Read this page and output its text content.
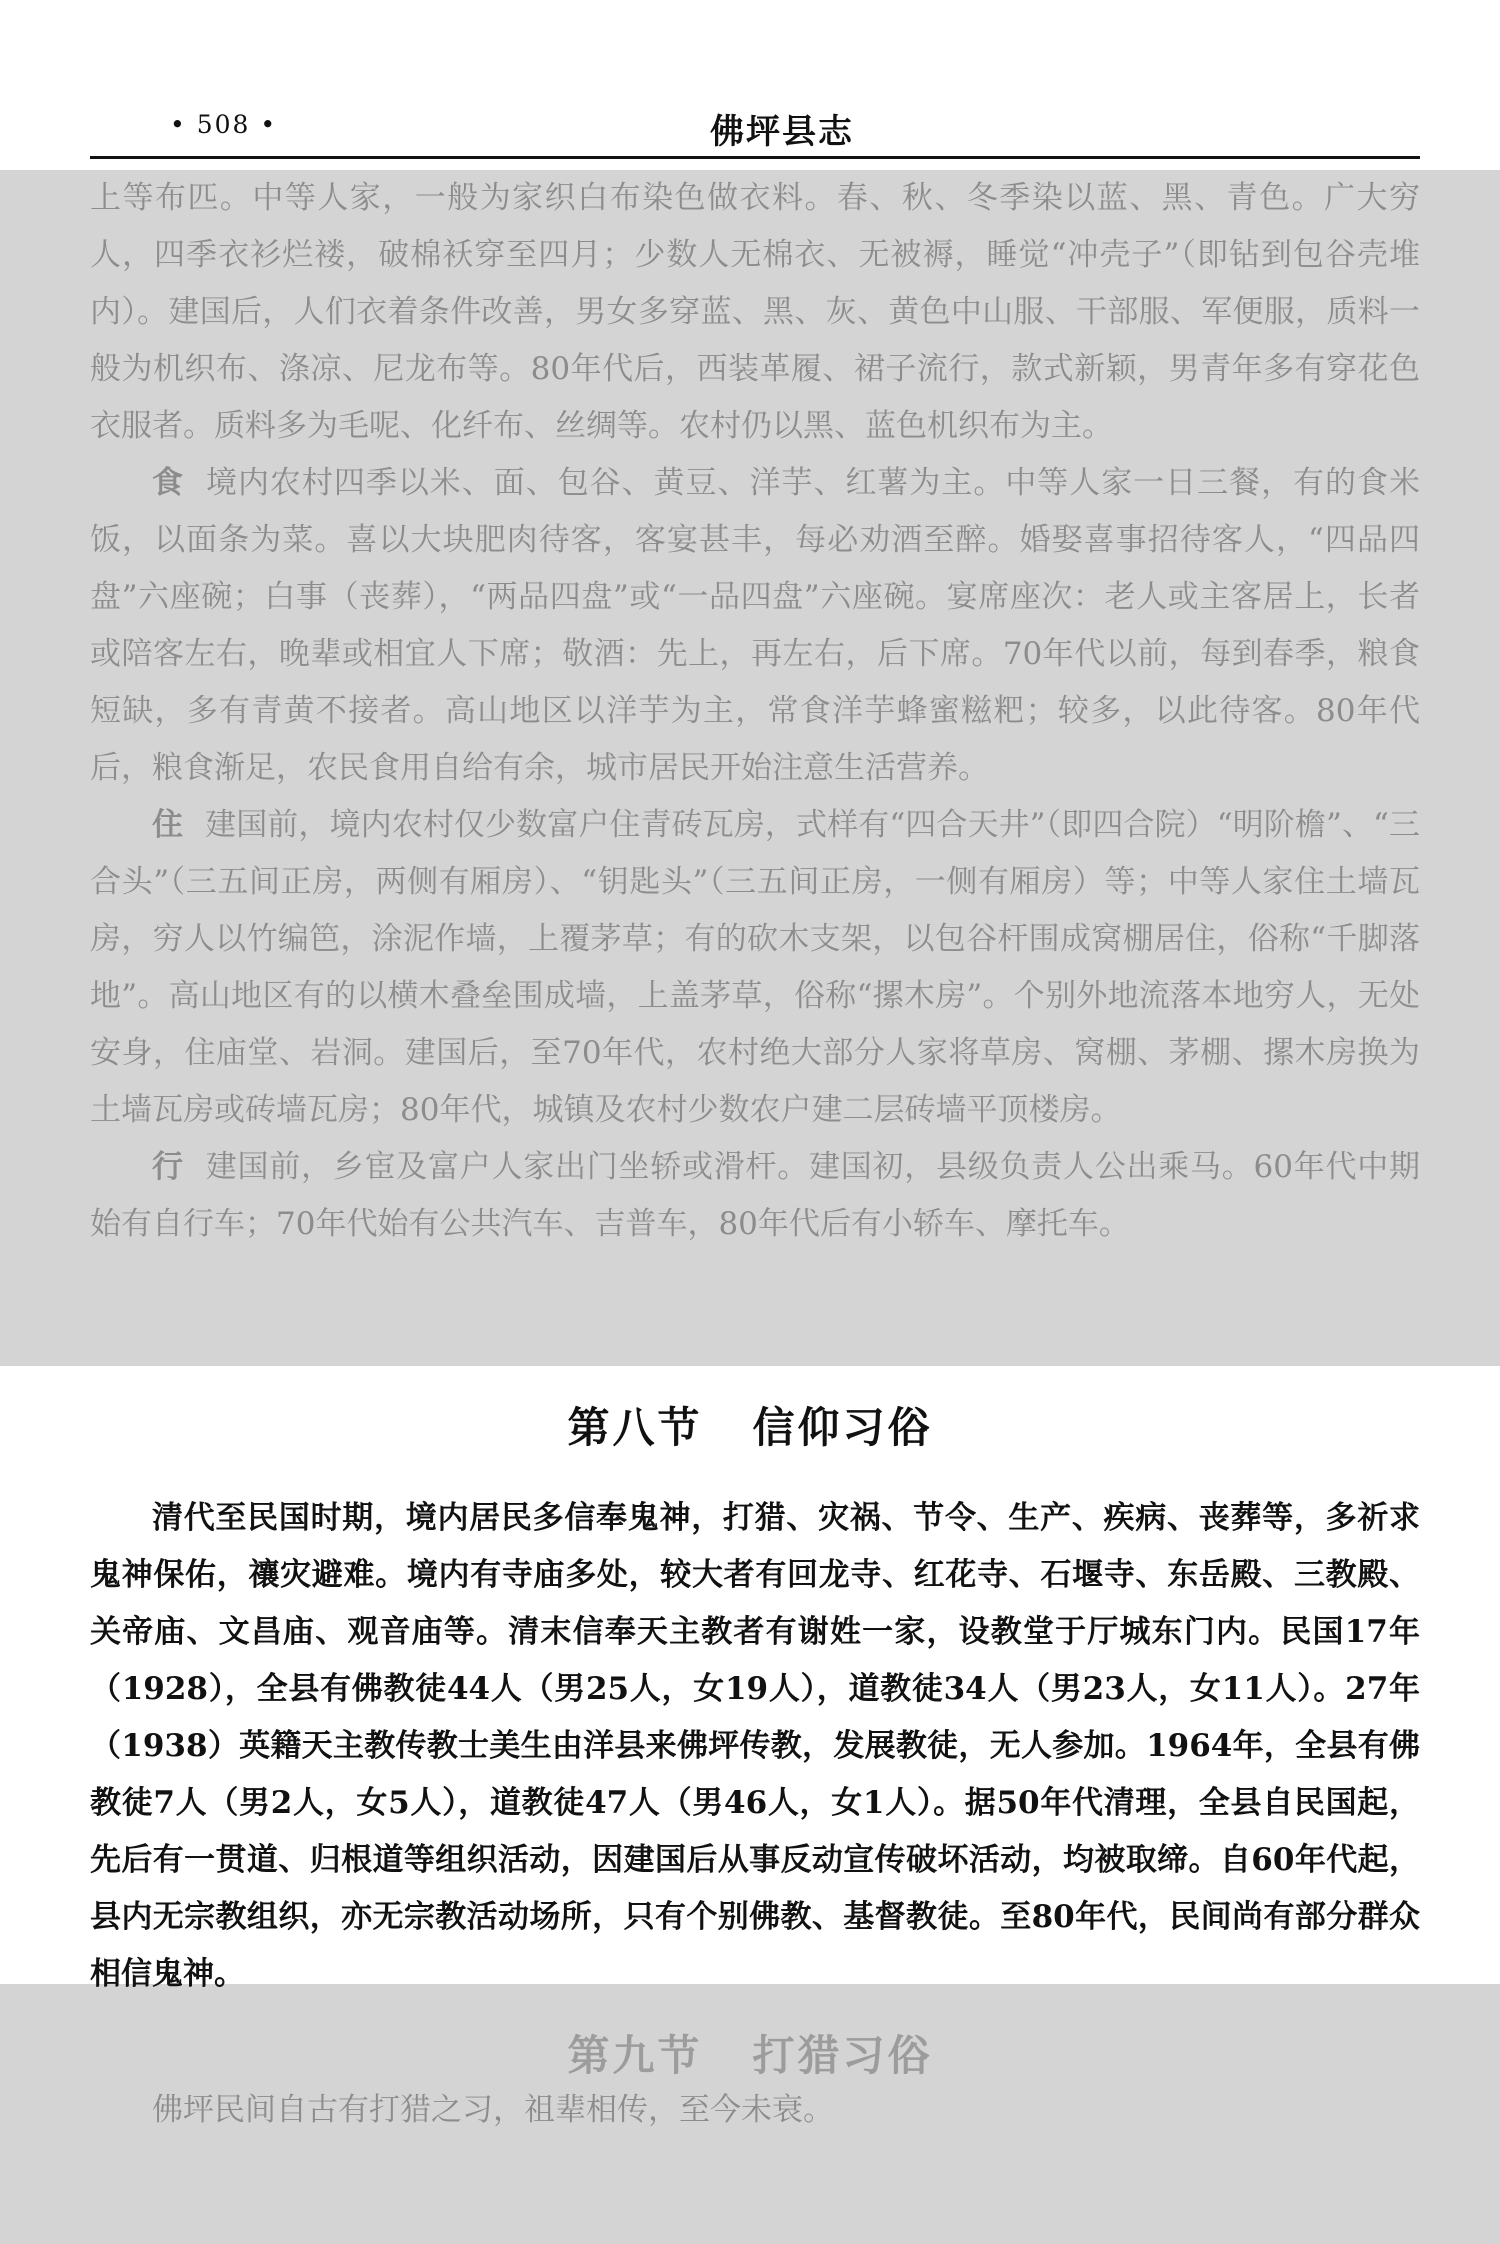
• 508 •	佛坪县志

上等布匹。中等人家，一般为家织白布染色做衣料。春、秋、冬季染以蓝、黑、青色。广大穷人，四季衣衫烂褛，破棉袄穿至四月；少数人无棉衣、无被褥，睡觉“冲壳子”（即钻到包谷壳堆内）。建国后，人们衣着条件改善，男女多穿蓝、黑、灰、黄色中山服、干部服、军便服，质料一般为机织布、涤凉、尼龙布等。80年代后，西装革履、裙子流行，款式新颖，男青年多有穿花色衣服者。质料多为毛呢、化纤布、丝绸等。农村仍以黑、蓝色机织布为主。

食 境内农村四季以米、面、包谷、黄豆、洋芋、红薯为主。中等人家一日三餐，有的食米饭，以面条为菜。喜以大块肥肉待客，客宴甚丰，每必劝酒至醉。婚娶喜事招待客人，“四品四盘”六座碗；白事（丧葬），“两品四盘”或“一品四盘”六座碗。宴席座次：老人或主客居上，长者或陪客左右，晚辈或相宜人下席；敬酒：先上，再左右，后下席。70年代以前，每到春季，粮食短缺，多有青黄不接者。高山地区以洋芋为主，常食洋芋蜂蜜糍粑；较多，以此待客。80年代后，粮食渐足，农民食用自给有余，城市居民开始注意生活营养。

住 建国前，境内农村仅少数富户住青砖瓦房，式样有“四合天井”（即四合院）“明阶檐”、“三合头”（三五间正房，两侧有厢房）、“钥匙头”（三五间正房，一侧有厢房）等；中等人家住土墙瓦房，穷人以竹编笆，涂泥作墙，上覆茅草；有的砍木支架，以包谷杆围成窝棚居住，俗称“千脚落地”。高山地区有的以横木叠垒围成墙，上盖茅草，俗称“摞木房”。个别外地流落本地穷人，无处安身，住庙堂、岩洞。建国后，至70年代，农村绝大部分人家将草房、窝棚、茅棚、摞木房换为土墙瓦房或砖墙瓦房；80年代，城镇及农村少数农户建二层砖墙平顶楼房。

行 建国前，乡宦及富户人家出门坐轿或滑杆。建国初，县级负责人公出乘马。60年代中期始有自行车；70年代始有公共汽车、吉普车，80年代后有小轿车、摩托车。

第八节 信仰习俗

清代至民国时期，境内居民多信奉鬼神，打猎、灾祸、节令、生产、疾病、丧葬等，多祈求鬼神保佑，禳灾避难。境内有寺庙多处，较大者有回龙寺、红花寺、石堰寺、东岳殿、三教殿、关帝庙、文昌庙、观音庙等。清末信奉天主教者有谢姓一家，设教堂于厅城东门内。民国17年（1928），全县有佛教徒44人（男25人，女19人），道教徒34人（男23人，女11人）。27年（1938）英籍天主教传教士美生由洋县来佛坪传教，发展教徒，无人参加。1964年，全县有佛教徒7人（男2人，女5人），道教徒47人（男46人，女1人）。据50年代清理，全县自民国起，先后有一贯道、归根道等组织活动，因建国后从事反动宣传破坏活动，均被取缔。自60年代起，县内无宗教组织，亦无宗教活动场所，只有个别佛教、基督教徒。至80年代，民间尚有部分群众相信鬼神。

第九节 打猎习俗

佛坪民间自古有打猎之习，祖辈相传，至今未衰。
